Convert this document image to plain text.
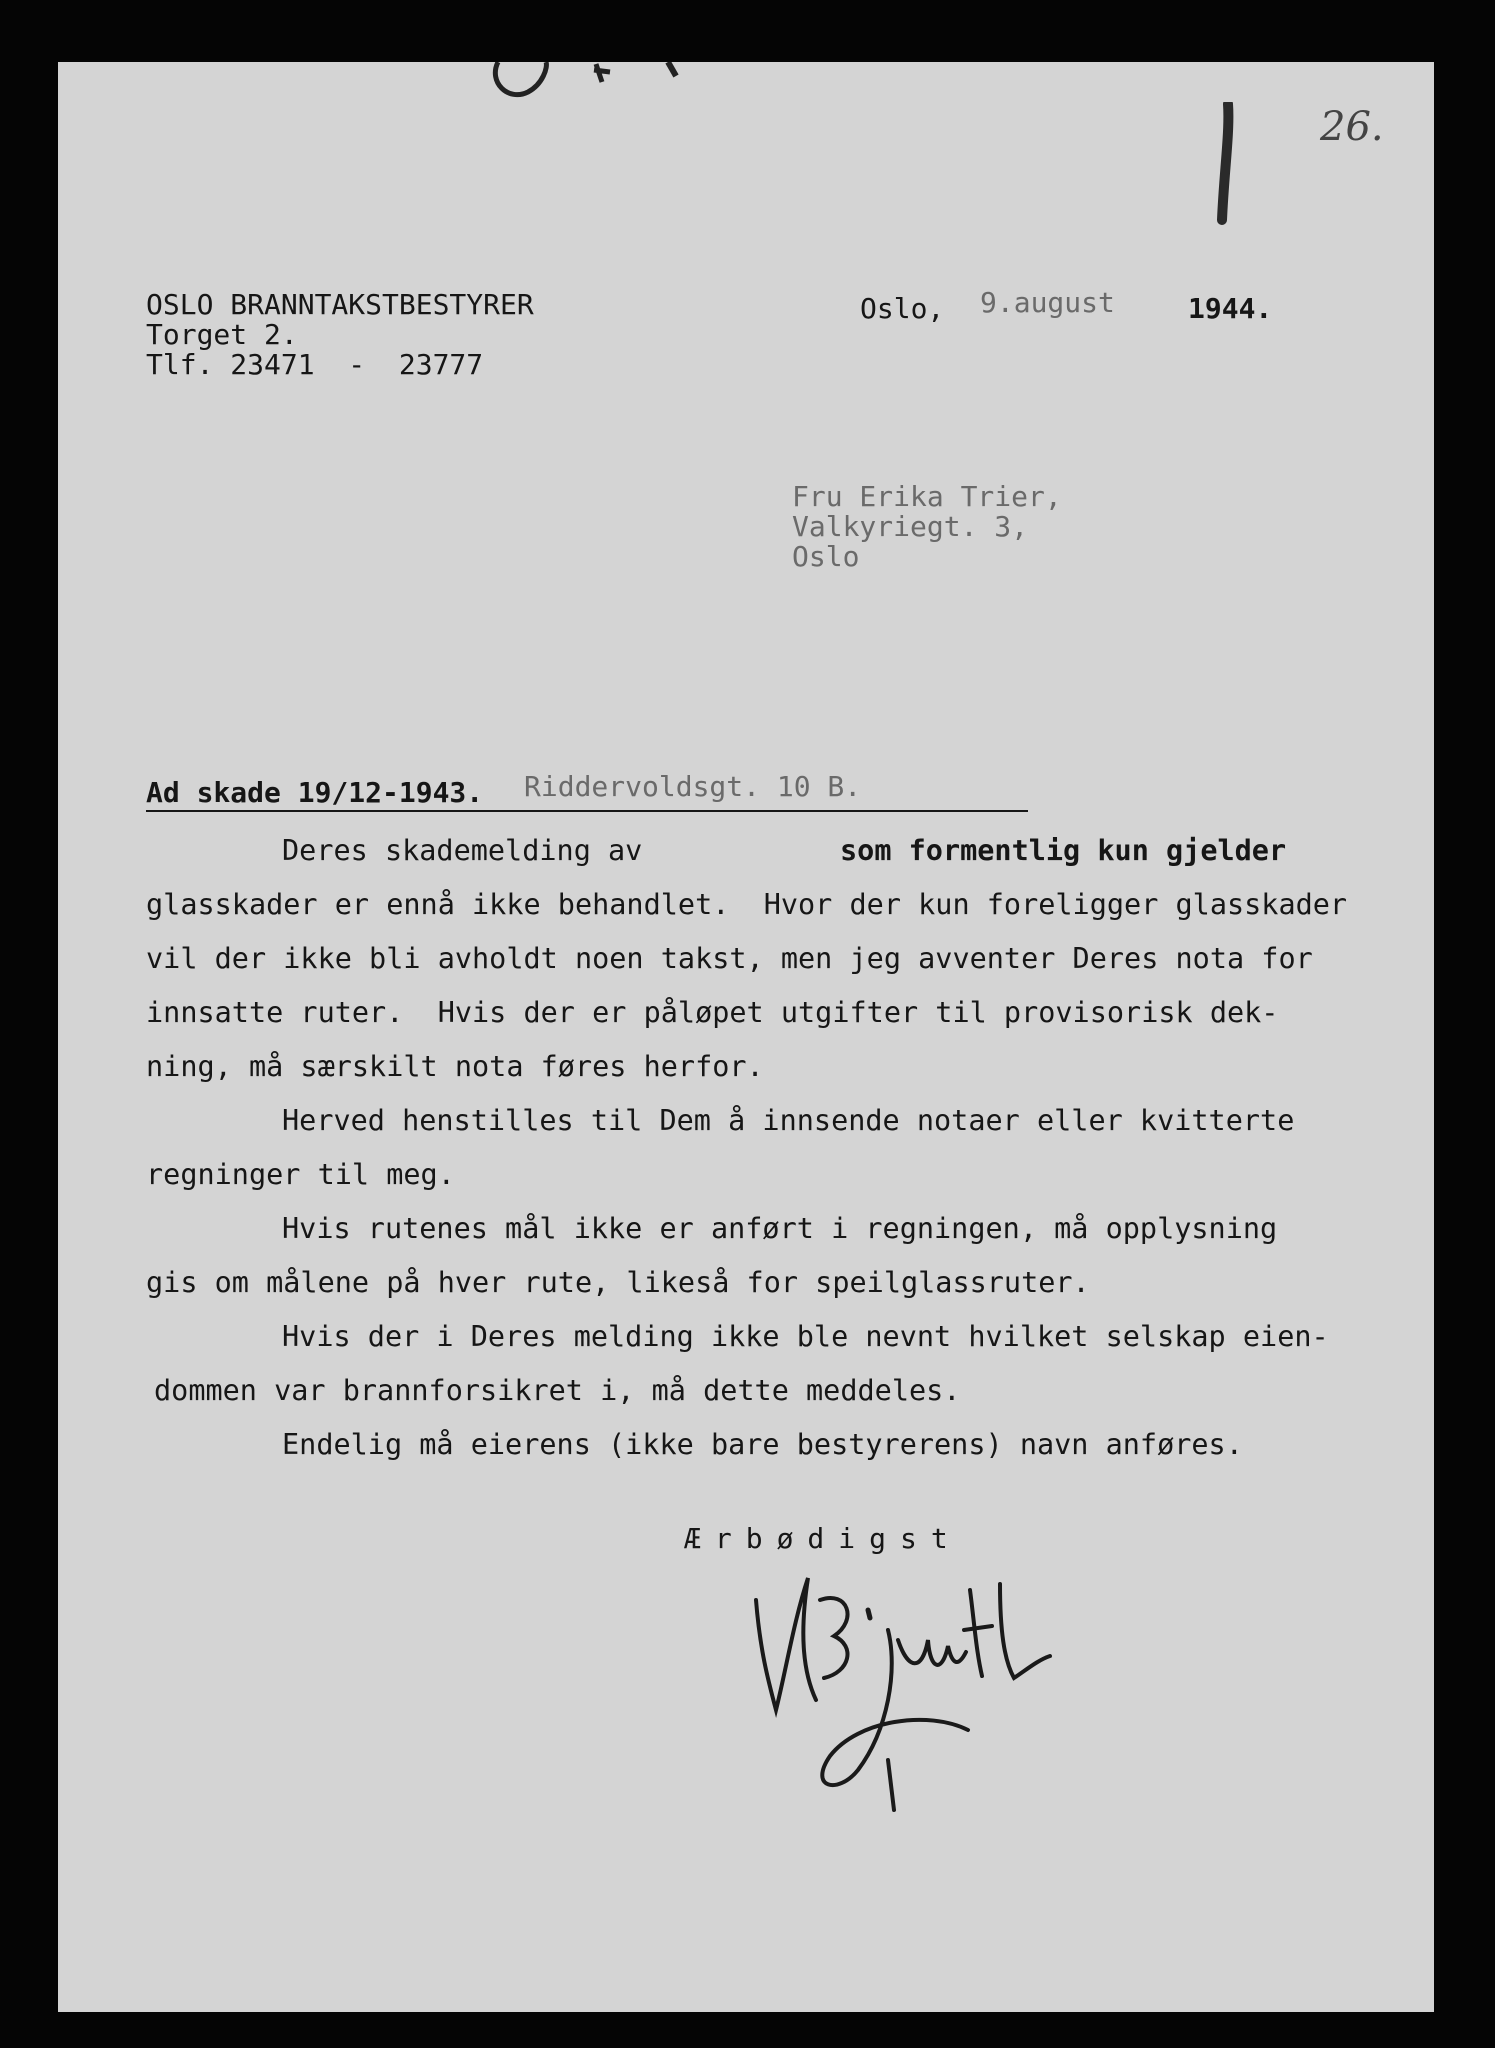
26.
OSLO BRANNTAKSTBESTYRER
Torget 2.
Tlf. 23471  -  23777
Oslo, 9.august	1944.
Fru Erika Trier,
Valkyriegt. 3,
Oslo
Ad skade 19/12-1943. Riddervoldsgt. 10 B.
Deres skademelding av	som formentlig kun gjelder
glasskader er ennå ikke behandlet.  Hvor der kun foreligger glasskader
vil der ikke bli avholdt noen takst, men jeg avventer Deres nota for
innsatte ruter.  Hvis der er påløpet utgifter til provisorisk dek-
ning, må særskilt nota føres herfor.
Herved henstilles til Dem å innsende notaer eller kvitterte
regninger til meg.
Hvis rutenes mål ikke er anført i regningen, må opplysning
gis om målene på hver rute, likeså for speilglassruter.
Hvis der i Deres melding ikke ble nevnt hvilket selskap eien-
dommen var brannforsikret i, må dette meddeles.
Endelig må eierens (ikke bare bestyrerens) navn anføres.
Ærbødigst
